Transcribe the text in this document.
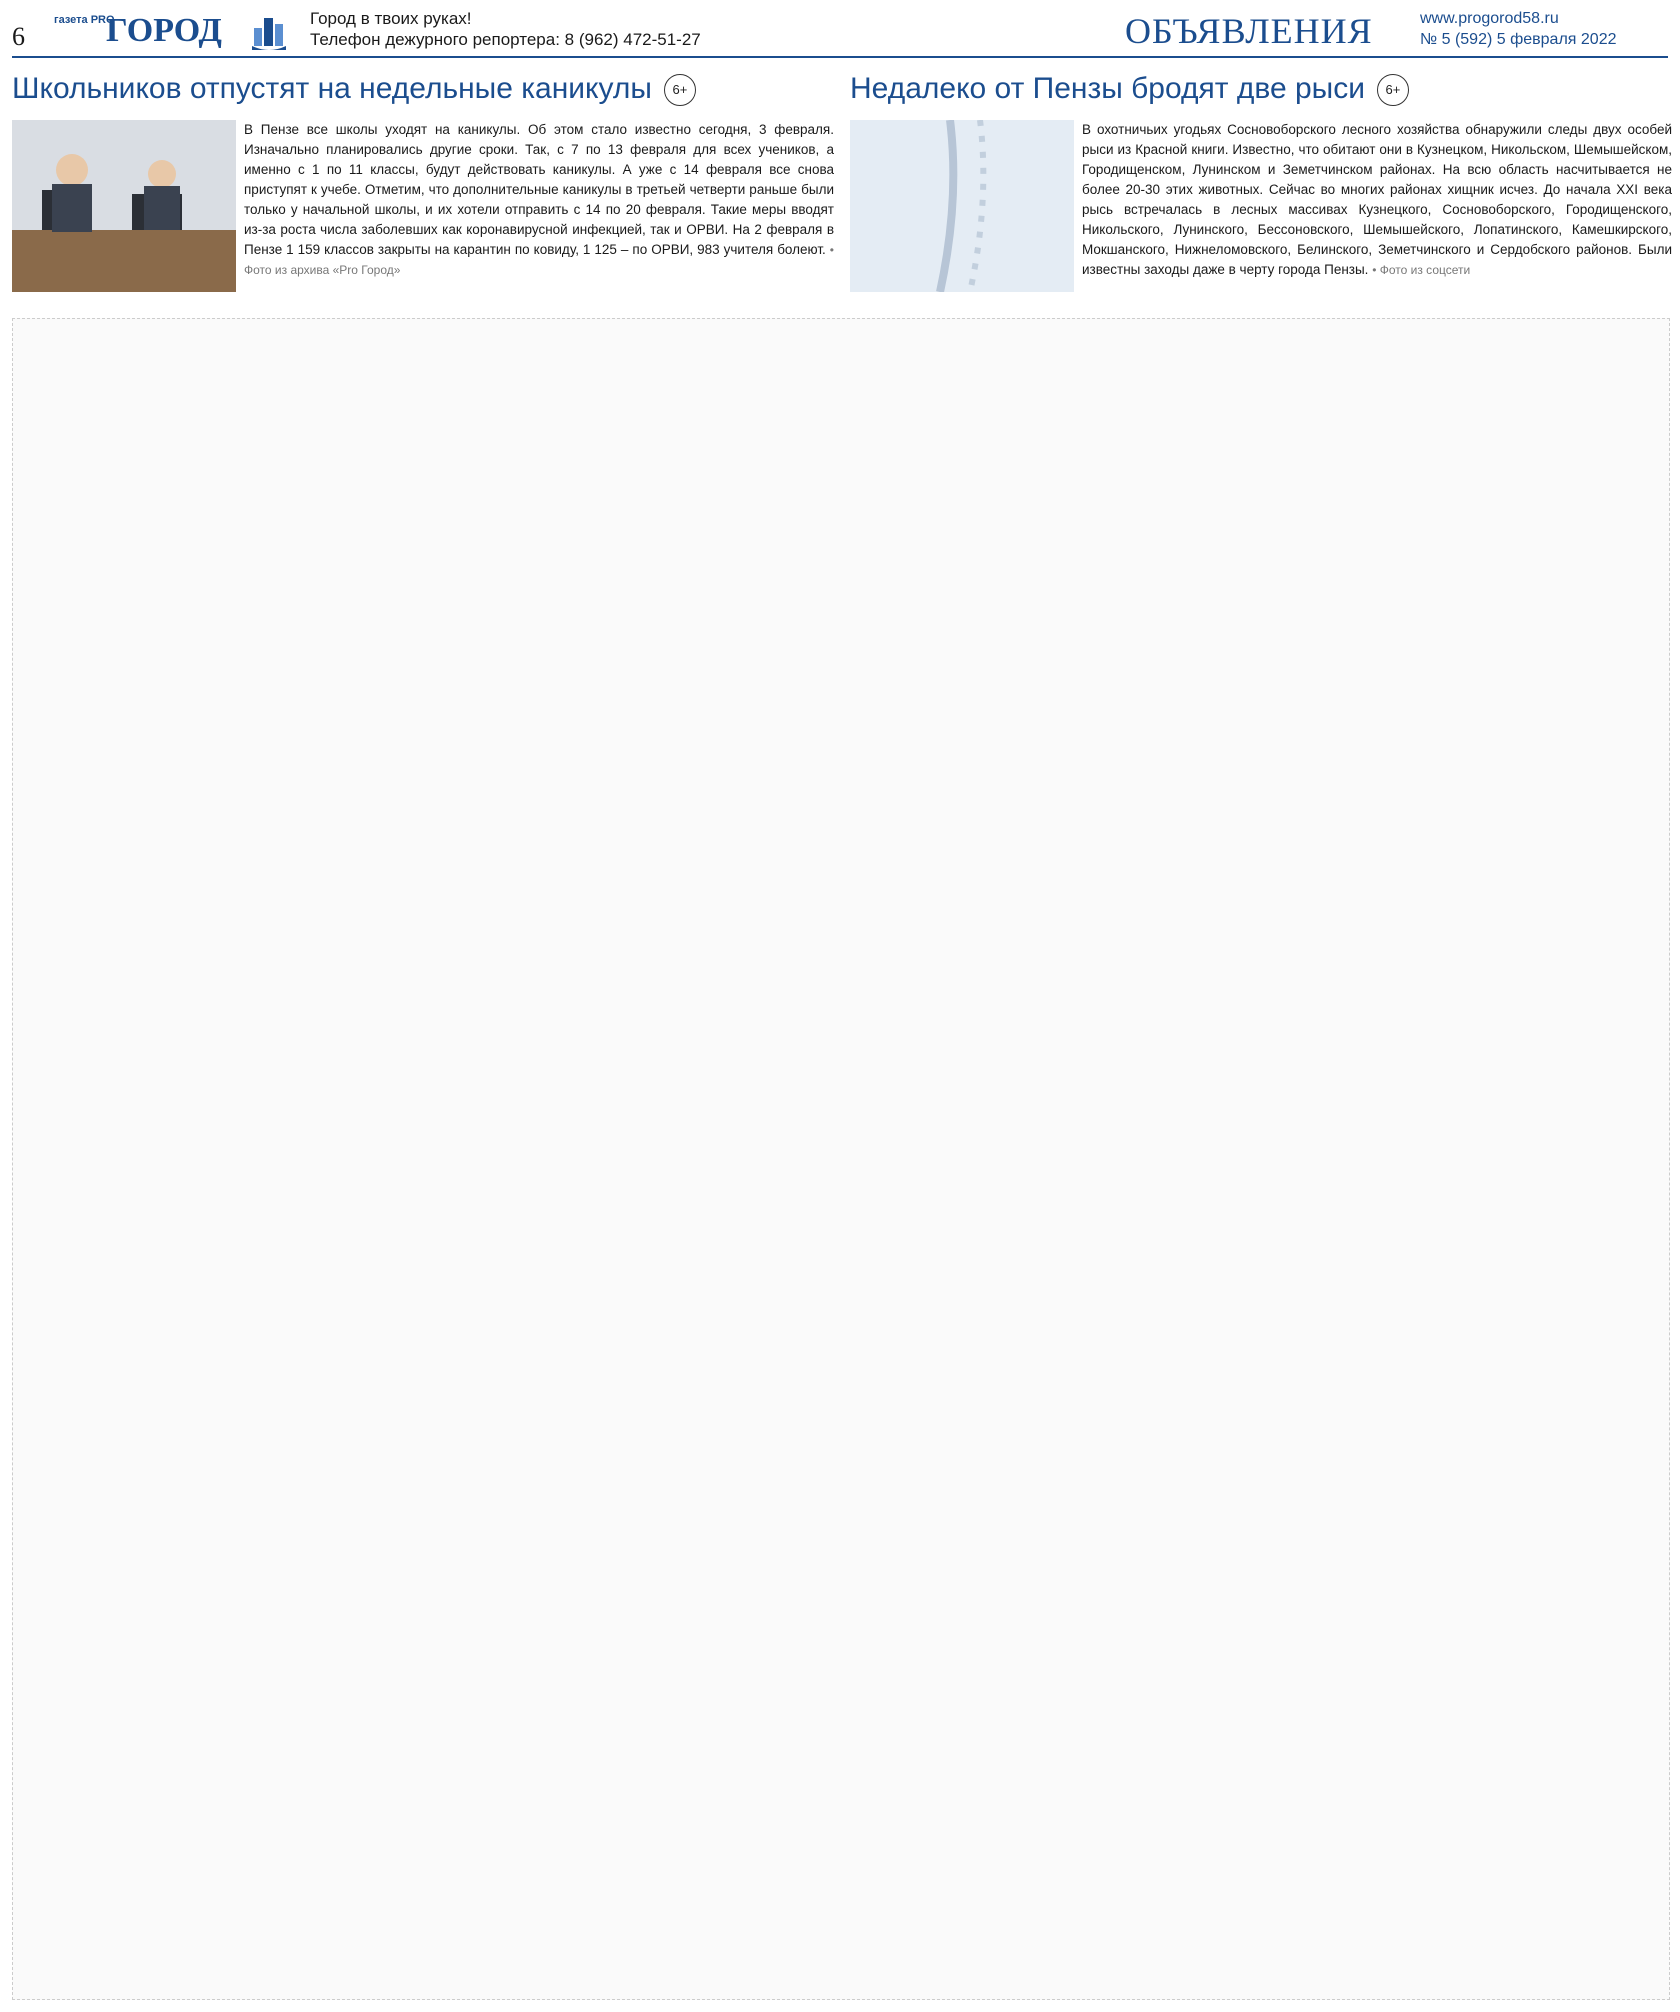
6
газета PRO
ГОРОД	Город в твоих руках!
Телефон дежурного репортера: 8 (962) 472-51-27	ОБЪЯВЛЕНИЯ	www.progorod58.ru
№ 5 (592) 5 февраля 2022
Школьников отпустят на недельные каникулы 6+
В Пензе все школы уходят на каникулы. Об этом стало известно сегодня, 3 февраля. Изначально планировались другие сроки. Так, с 7 по 13 февраля для всех учеников, а именно с 1 по 11 классы, будут действовать каникулы. А уже с 14 февраля все снова приступят к учебе. Отметим, что дополнительные каникулы в третьей четверти раньше были только у начальной школы, и их хотели отправить с 14 по 20 февраля. Такие меры вводят из-за роста числа заболевших как коронавирусной инфекцией, так и ОРВИ. На 2 февраля в Пензе 1 159 классов закрыты на карантин по ковиду, 1 125 – по ОРВИ, 983 учителя болеют. • Фото из архива «Pro Город»
Недалеко от Пензы бродят две рыси 6+
В охотничьих угодьях Сосновоборского лесного хозяйства обнаружили следы двух особей рыси из Красной книги. Известно, что обитают они в Кузнецком, Никольском, Шемышейском, Городищенском, Лунинском и Земетчинском районах. На всю область насчитывается не более 20-30 этих животных. Сейчас во многих районах хищник исчез. До начала XXI века рысь встречалась в лесных массивах Кузнецкого, Сосновоборского, Городищенского, Никольского, Лунинского, Бессоновского, Шемышейского, Лопатинского, Камешкирского, Мокшанского, Нижнеломовского, Белинского, Земетчинского и Сердобского районов. Были известны заходы даже в черту города Пензы. • Фото из соцсети
